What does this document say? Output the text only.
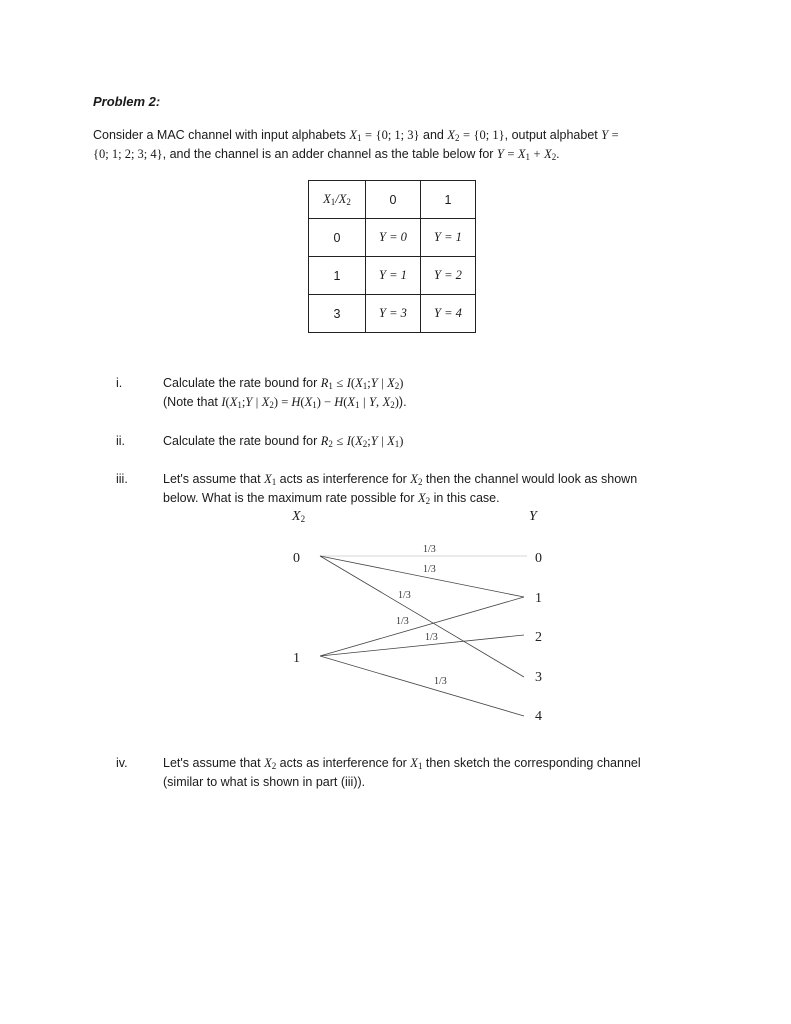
Problem 2:
Consider a MAC channel with input alphabets $X_1 = \{0$; 1; 3} and $X_2 = \{0$; 1}, output alphabet Y =
{0; 1; 2; 3; 4}, and the channel is an adder channel as the table below for $Y = X_1 + X_2$.
$X_1/X_2$	0	1
0	Y = 0	Y = 1
1	Y = 1	Y = 2
3	Y = 3	Y = 4
i.	Calculate the rate bound for $R_1$ ≤ $I(X_1;Y$ | $X_2$)
(Note that $I(X_1;Y$ | $X_2) = H(X_1) - H(X_1$ | Y, $X_2$)).
ii.	Calculate the rate bound for $R_2$ ≤ $I(X_2;Y$ | $X_1$)
iii.	Let's assume that $X_1$ acts as interference for $X_2$ then the channel would look as shown
below. What is the maximum rate possible for $X_2$ in this case.
$X_2$	Y
1/3
1/3
1/3
1/3
1/3
1/3
0
1
0
1
2
3
4
iv.	Let's assume that $X_2$ acts as interference for $X_1$ then sketch the corresponding channel
(similar to what is shown in part (iii)).
